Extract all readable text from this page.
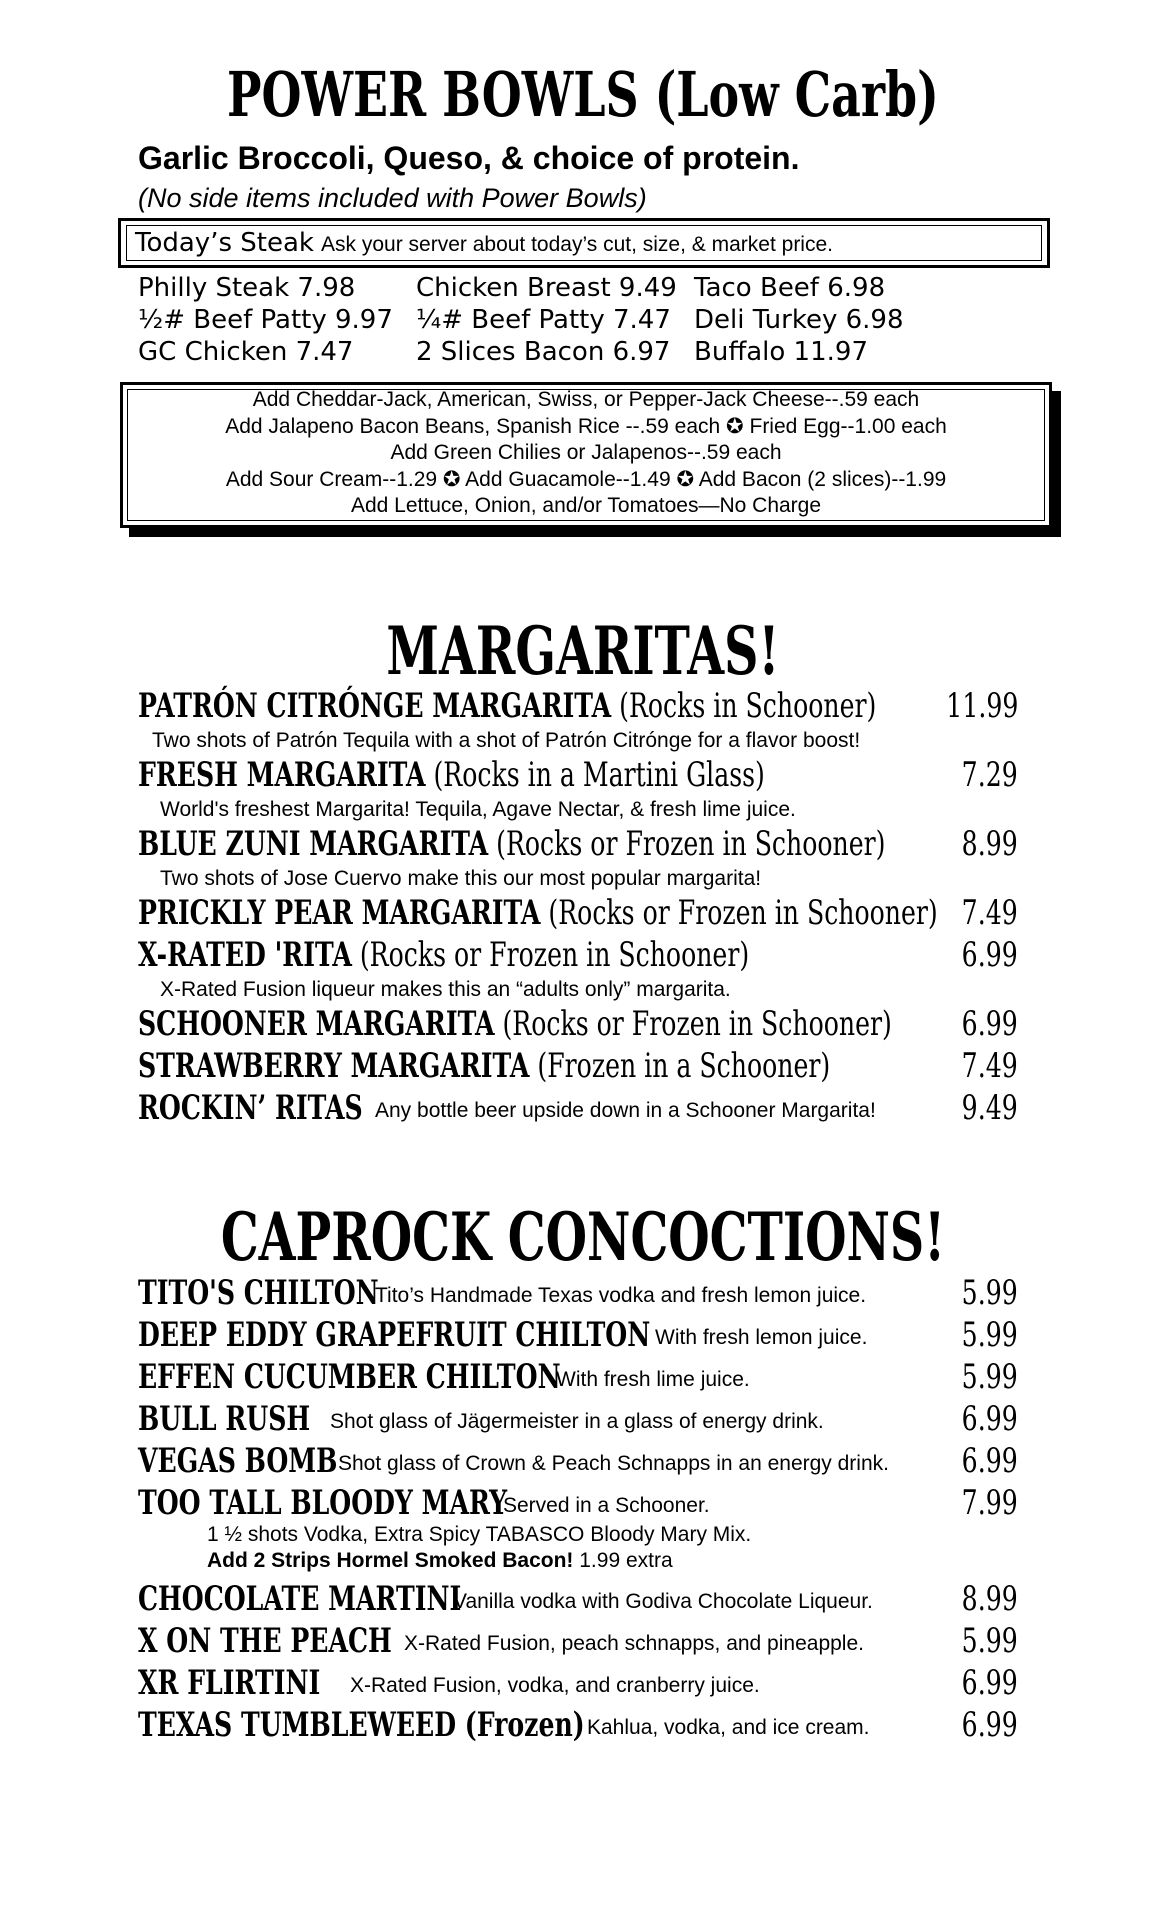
POWER BOWLS (Low Carb)
Garlic Broccoli, Queso, & choice of protein.
(No side items included with Power Bowls)
Today’s Steak Ask your server about today’s cut, size, & market price.
Philly Steak 7.98 Chicken Breast 9.49 Taco Beef 6.98
½# Beef Patty 9.97 ¼# Beef Patty 7.47 Deli Turkey 6.98
GC Chicken 7.47 2 Slices Bacon 6.97 Buffalo 11.97
Add Cheddar-Jack, American, Swiss, or Pepper-Jack Cheese--.59 each
Add Jalapeno Bacon Beans, Spanish Rice --.59 each ✪ Fried Egg--1.00 each
Add Green Chilies or Jalapenos--.59 each
Add Sour Cream--1.29 ✪ Add Guacamole--1.49 ✪ Add Bacon (2 slices)--1.99
Add Lettuce, Onion, and/or Tomatoes—No Charge
MARGARITAS!
PATRÓN CITRÓNGE MARGARITA (Rocks in Schooner) 11.99
Two shots of Patrón Tequila with a shot of Patrón Citrónge for a flavor boost!
FRESH MARGARITA (Rocks in a Martini Glass)	7.29
World's freshest Margarita! Tequila, Agave Nectar, & fresh lime juice.
BLUE ZUNI MARGARITA (Rocks or Frozen in Schooner) 8.99
Two shots of Jose Cuervo make this our most popular margarita!
PRICKLY PEAR MARGARITA (Rocks or Frozen in Schooner) 7.49
X-RATED 'RITA (Rocks or Frozen in Schooner)	6.99
X-Rated Fusion liqueur makes this an “adults only” margarita.
SCHOONER MARGARITA (Rocks or Frozen in Schooner) 6.99
STRAWBERRY MARGARITA (Frozen in a Schooner)	7.49
ROCKIN’ RITAS Any bottle beer upside down in a Schooner Margarita!	9.49
CAPROCK CONCOCTIONS!
TITO'S CHILTON
Tito’s Handmade Texas vodka and fresh lemon juice.	5.99
DEEP EDDY GRAPEFRUIT CHILTON With fresh lemon juice.	5.99
EFFEN CUCUMBER CHILTON
With fresh lime juice.	5.99
BULL RUSH Shot glass of Jägermeister in a glass of energy drink.	6.99
VEGAS BOMB Shot glass of Crown & Peach Schnapps in an energy drink. 6.99
TOO TALL BLOODY MARY
Served in a Schooner.	7.99
1 ½ shots Vodka, Extra Spicy TABASCO Bloody Mary Mix.
Add 2 Strips Hormel Smoked Bacon! 1.99 extra
CHOCOLATE MARTINI
Vanilla vodka with Godiva Chocolate Liqueur.	8.99
X ON THE PEACH X-Rated Fusion, peach schnapps, and pineapple.	5.99
XR FLIRTINI X-Rated Fusion, vodka, and cranberry juice.	6.99
TEXAS TUMBLEWEED (Frozen) Kahlua, vodka, and ice cream.	6.99
